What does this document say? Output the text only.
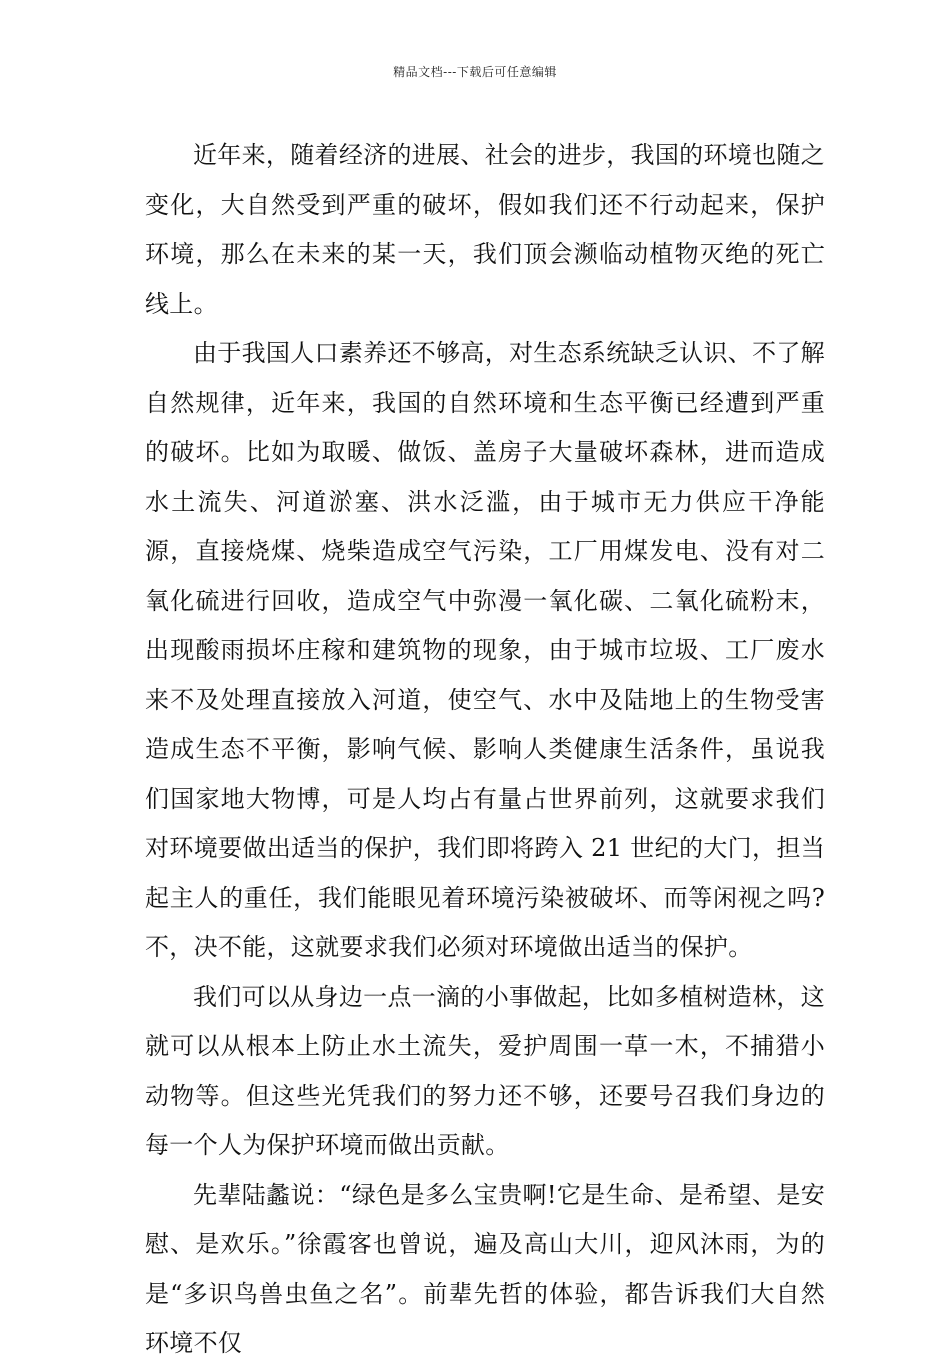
精品文档---下载后可任意编辑

近年来，随着经济的进展、社会的进步，我国的环境也随之变化，大自然受到严重的破坏，假如我们还不行动起来，保护环境，那么在未来的某一天，我们顶会濒临动植物灭绝的死亡线上。

由于我国人口素养还不够高，对生态系统缺乏认识、不了解自然规律，近年来，我国的自然环境和生态平衡已经遭到严重的破坏。比如为取暖、做饭、盖房子大量破坏森林，进而造成水土流失、河道淤塞、洪水泛滥，由于城市无力供应干净能源，直接烧煤、烧柴造成空气污染，工厂用煤发电、没有对二氧化硫进行回收，造成空气中弥漫一氧化碳、二氧化硫粉末，出现酸雨损坏庄稼和建筑物的现象，由于城市垃圾、工厂废水来不及处理直接放入河道，使空气、水中及陆地上的生物受害造成生态不平衡，影响气候、影响人类健康生活条件，虽说我们国家地大物博，可是人均占有量占世界前列，这就要求我们对环境要做出适当的保护，我们即将跨入 21 世纪的大门，担当起主人的重任，我们能眼见着环境污染被破坏、而等闲视之吗?不，决不能，这就要求我们必须对环境做出适当的保护。

我们可以从身边一点一滴的小事做起，比如多植树造林，这就可以从根本上防止水土流失，爱护周围一草一木，不捕猎小动物等。但这些光凭我们的努力还不够，还要号召我们身边的每一个人为保护环境而做出贡献。

先辈陆蠡说：“绿色是多么宝贵啊!它是生命、是希望、是安慰、是欢乐。”徐霞客也曾说，遍及高山大川，迎风沐雨，为的是“多识鸟兽虫鱼之名”。前辈先哲的体验，都告诉我们大自然环境不仅
